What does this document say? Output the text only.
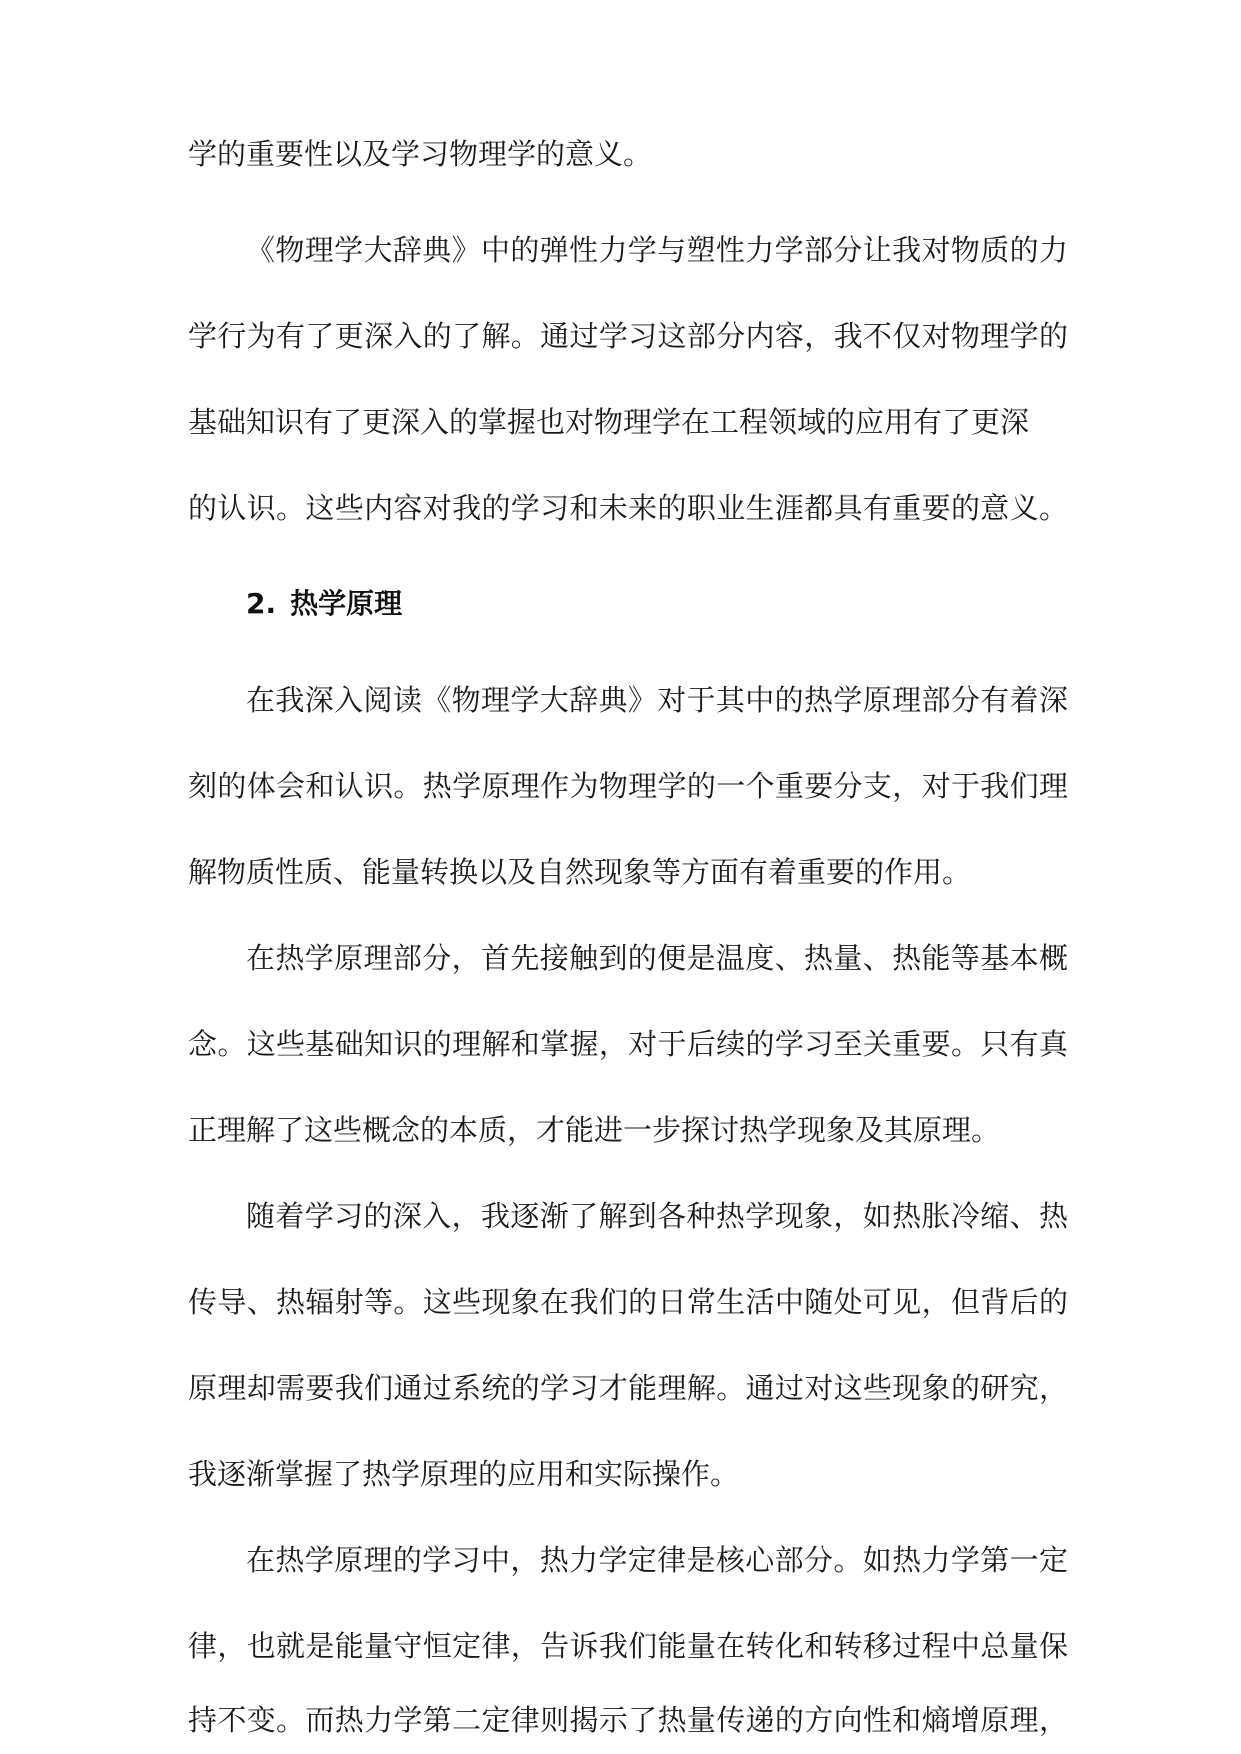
学的重要性以及学习物理学的意义。
《物理学大辞典》中的弹性力学与塑性力学部分让我对物质的力
学行为有了更深入的了解。通过学习这部分内容，我不仅对物理学的
基础知识有了更深入的掌握也对物理学在工程领域的应用有了更深
的认识。这些内容对我的学习和未来的职业生涯都具有重要的意义。
2. 热学原理
在我深入阅读《物理学大辞典》对于其中的热学原理部分有着深
刻的体会和认识。热学原理作为物理学的一个重要分支，对于我们理
解物质性质、能量转换以及自然现象等方面有着重要的作用。
在热学原理部分，首先接触到的便是温度、热量、热能等基本概
念。这些基础知识的理解和掌握，对于后续的学习至关重要。只有真
正理解了这些概念的本质，才能进一步探讨热学现象及其原理。
随着学习的深入，我逐渐了解到各种热学现象，如热胀冷缩、热
传导、热辐射等。这些现象在我们的日常生活中随处可见，但背后的
原理却需要我们通过系统的学习才能理解。通过对这些现象的研究，
我逐渐掌握了热学原理的应用和实际操作。
在热学原理的学习中，热力学定律是核心部分。如热力学第一定
律，也就是能量守恒定律，告诉我们能量在转化和转移过程中总量保
持不变。而热力学第二定律则揭示了热量传递的方向性和熵增原理，
